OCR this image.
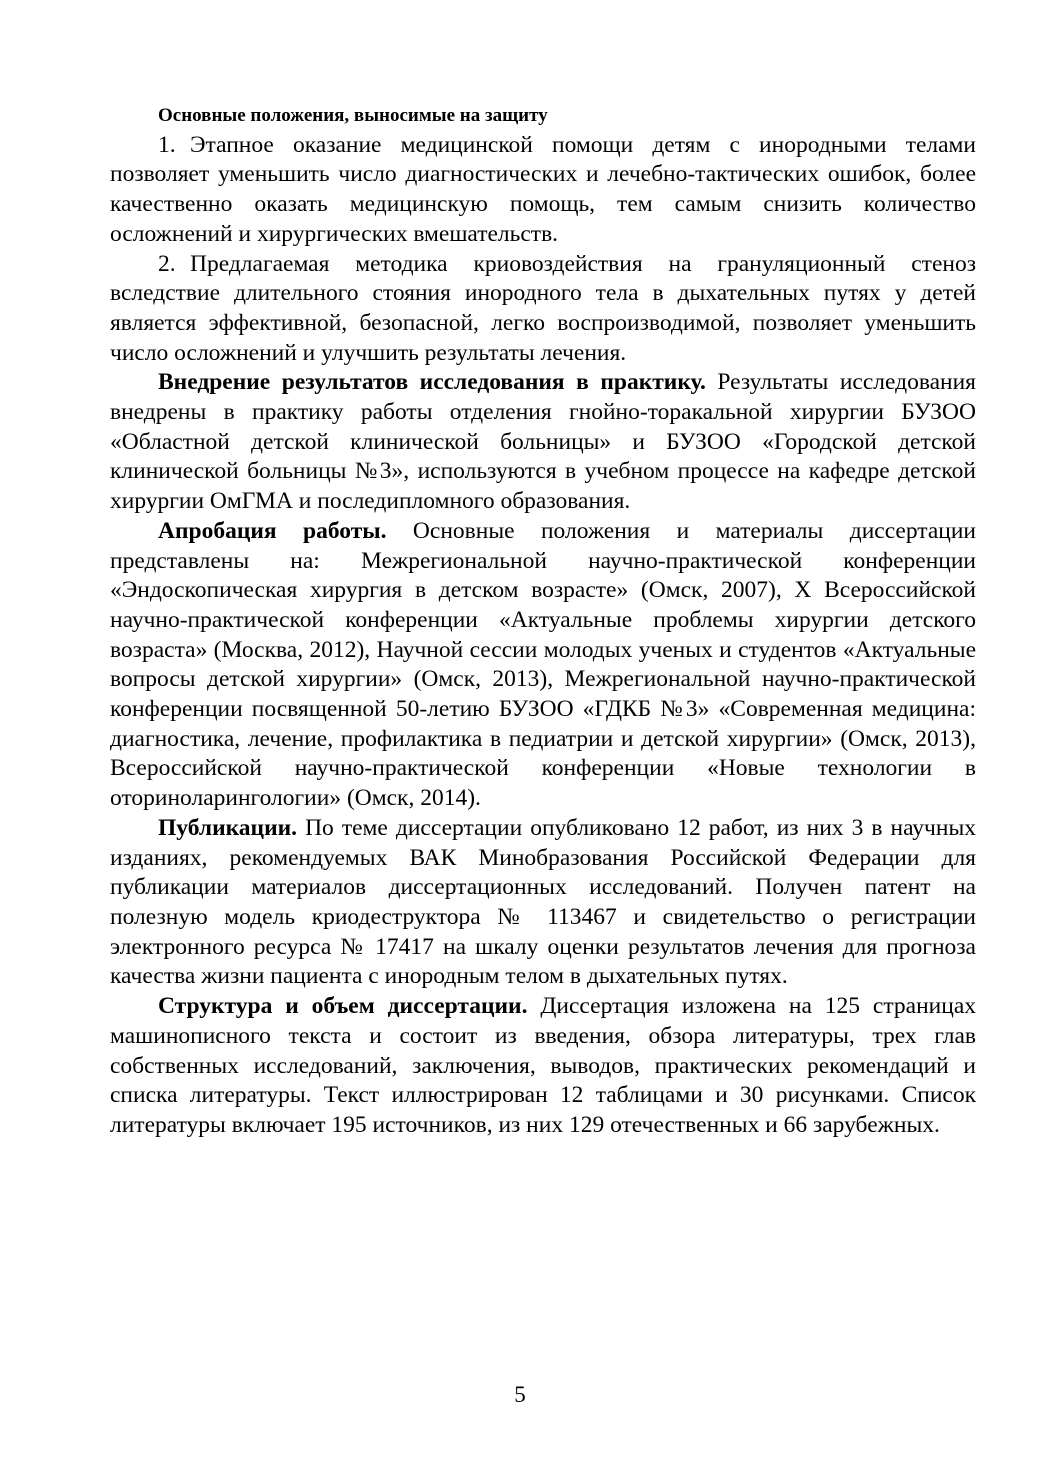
Основные положения, выносимые на защиту

1. Этапное оказание медицинской помощи детям с инородными телами позволяет уменьшить число диагностических и лечебно-тактических ошибок, более качественно оказать медицинскую помощь, тем самым снизить количество осложнений и хирургических вмешательств.

2. Предлагаемая методика криовоздействия на грануляционный стеноз вследствие длительного стояния инородного тела в дыхательных путях у детей является эффективной, безопасной, легко воспроизводимой, позволяет уменьшить число осложнений и улучшить результаты лечения.

Внедрение результатов исследования в практику. Результаты исследования внедрены в практику работы отделения гнойно-торакальной хирургии БУЗОО «Областной детской клинической больницы» и БУЗОО «Городской детской клинической больницы №3», используются в учебном процессе на кафедре детской хирургии ОмГМА и последипломного образования.

Апробация работы. Основные положения и материалы диссертации представлены на: Межрегиональной научно-практической конференции «Эндоскопическая хирургия в детском возрасте» (Омск, 2007), X Всероссийской научно-практической конференции «Актуальные проблемы хирургии детского возраста» (Москва, 2012), Научной сессии молодых ученых и студентов «Актуальные вопросы детской хирургии» (Омск, 2013), Межрегиональной научно-практической конференции посвященной 50-летию БУЗОО «ГДКБ №3» «Современная медицина: диагностика, лечение, профилактика в педиатрии и детской хирургии» (Омск, 2013), Всероссийской научно-практической конференции «Новые технологии в оториноларингологии» (Омск, 2014).

Публикации. По теме диссертации опубликовано 12 работ, из них 3 в научных изданиях, рекомендуемых ВАК Минобразования Российской Федерации для публикации материалов диссертационных исследований. Получен патент на полезную модель криодеструктора № 113467 и свидетельство о регистрации электронного ресурса № 17417 на шкалу оценки результатов лечения для прогноза качества жизни пациента с инородным телом в дыхательных путях.

Структура и объем диссертации. Диссертация изложена на 125 страницах машинописного текста и состоит из введения, обзора литературы, трех глав собственных исследований, заключения, выводов, практических рекомендаций и списка литературы. Текст иллюстрирован 12 таблицами и 30 рисунками. Список литературы включает 195 источников, из них 129 отечественных и 66 зарубежных.

5
